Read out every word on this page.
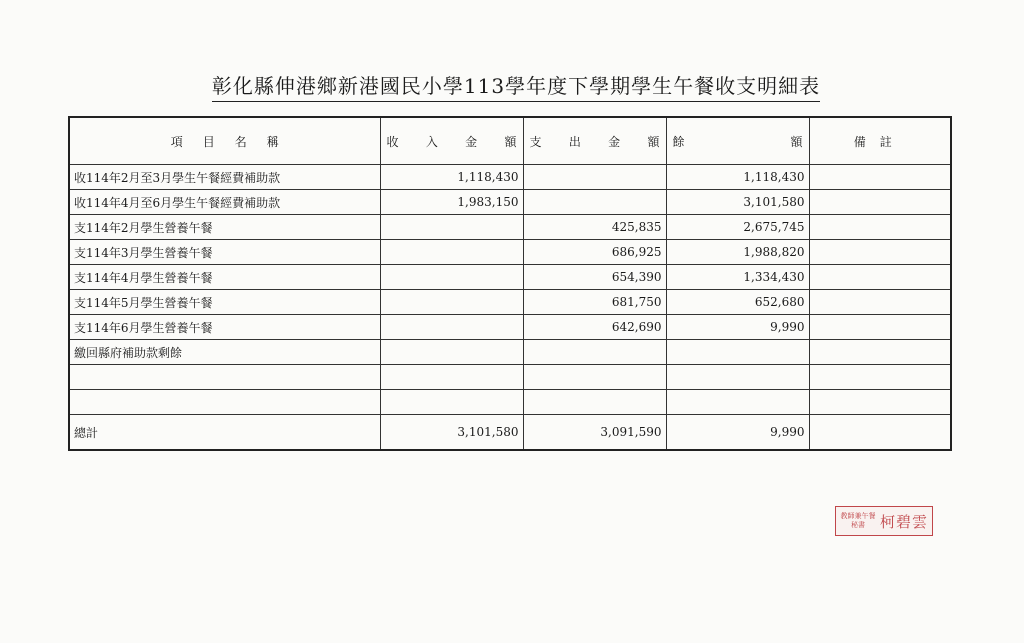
彰化縣伸港鄉新港國民小學113學年度下學期學生午餐收支明細表
項 目 名 稱	收 入 金 額	支 出 金 額	餘 額	備註
收114年2月至3月學生午餐經費補助款	1,118,430		1,118,430	
收114年4月至6月學生午餐經費補助款	1,983,150		3,101,580	
支114年2月學生營養午餐		425,835	2,675,745	
支114年3月學生營養午餐		686,925	1,988,820	
支114年4月學生營養午餐		654,390	1,334,430	
支114年5月學生營養午餐		681,750	652,680	
支114年6月學生營養午餐		642,690	9,990	
繳回縣府補助款剩餘				

總計	3,101,580	3,091,590	9,990	
教師兼午餐秘書	柯碧雲
